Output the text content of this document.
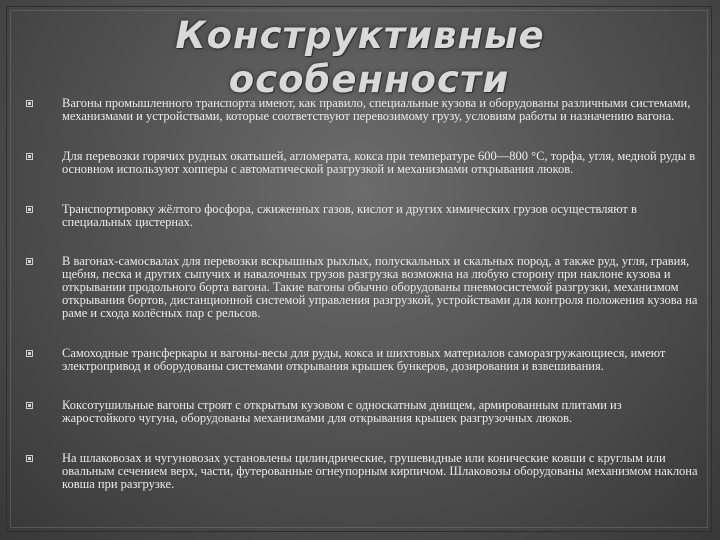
Конструктивные
особенности
Вагоны промышленного транспорта имеют, как правило, специальные кузова и оборудованы различными системами, механизмами и устройствами, которые соответствуют перевозимому грузу, условиям работы и назначению вагона.
Для перевозки горячих рудных окатышей, агломерата, кокса при температуре 600—800 °С, торфа, угля, медной руды в основном используют хопперы с автоматической разгрузкой и механизмами открывания люков.
Транспортировку жёлтого фосфора, сжиженных газов, кислот и других химических грузов осуществляют в специальных цистернах.
В вагонах-самосвалах для перевозки вскрышных рыхлых, полускальных и скальных пород, а также руд, угля, гравия, щебня, песка и других сыпучих и навалочных грузов разгрузка возможна на любую сторону при наклоне кузова и открывании продольного борта вагона. Такие вагоны обычно оборудованы пневмосистемой разгрузки, механизмом открывания бортов, дистанционной системой управления разгрузкой, устройствами для контроля положения кузова на раме и схода колёсных пар с рельсов.
Самоходные трансферкары и вагоны-весы для руды, кокса и шихтовых материалов саморазгружающиеся, имеют электропривод и оборудованы системами открывания крышек бункеров, дозирования и взвешивания.
Коксотушильные вагоны строят с открытым кузовом с односкатным днищем, армированным плитами из жаростойкого чугуна, оборудованы механизмами для открывания крышек разгрузочных люков.
На шлаковозах и чугуновозах установлены цилиндрические, грушевидные или конические ковши с круглым или овальным сечением верх, части, футерованные огнеупорным кирпичом. Шлаковозы оборудованы механизмом наклона ковша при разгрузке.
